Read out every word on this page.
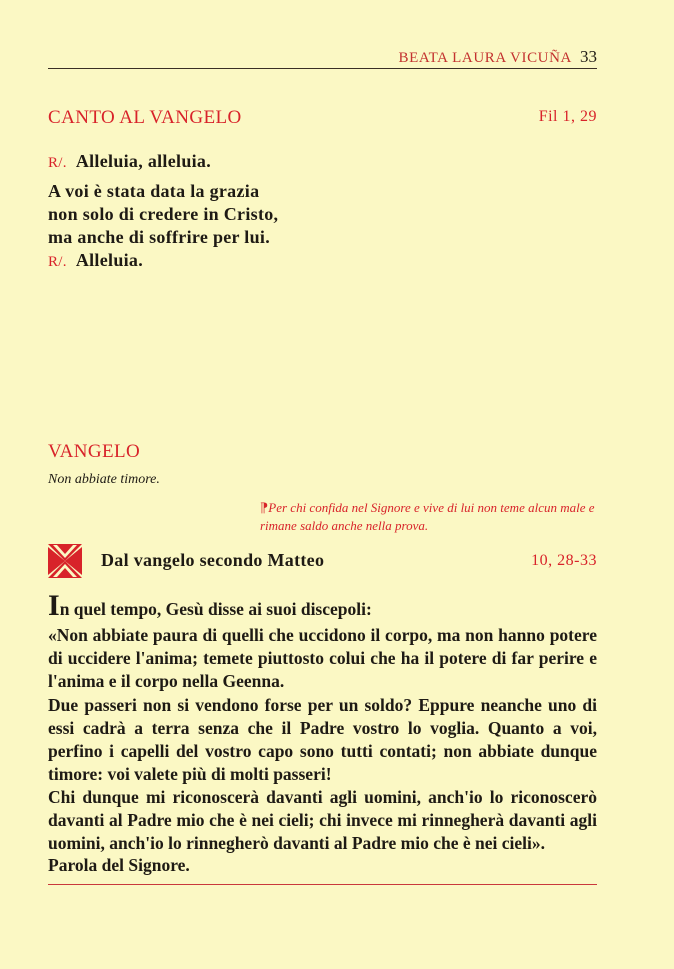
BEATA LAURA VICUÑA 33
CANTO AL VANGELO	Fil 1, 29
R/. Alleluia, alleluia.
A voi è stata data la grazia
non solo di credere in Cristo,
ma anche di soffrire per lui.
R/. Alleluia.
VANGELO
Non abbiate timore.
⁋Per chi confida nel Signore e vive di lui non teme alcun male e rimane saldo anche nella prova.
Dal vangelo secondo Matteo	10, 28-33
In quel tempo, Gesù disse ai suoi discepoli:
«Non abbiate paura di quelli che uccidono il corpo, ma non hanno potere di uccidere l'anima; temete piuttosto colui che ha il potere di far perire e l'anima e il corpo nella Geenna.
Due passeri non si vendono forse per un soldo? Eppure neanche uno di essi cadrà a terra senza che il Padre vostro lo voglia. Quanto a voi, perfino i capelli del vostro capo sono tutti contati; non abbiate dunque timore: voi valete più di molti passeri!
Chi dunque mi riconoscerà davanti agli uomini, anch'io lo riconoscerò davanti al Padre mio che è nei cieli; chi invece mi rinnegherà davanti agli uomini, anch'io lo rinnegherò davanti al Padre mio che è nei cieli».
Parola del Signore.
